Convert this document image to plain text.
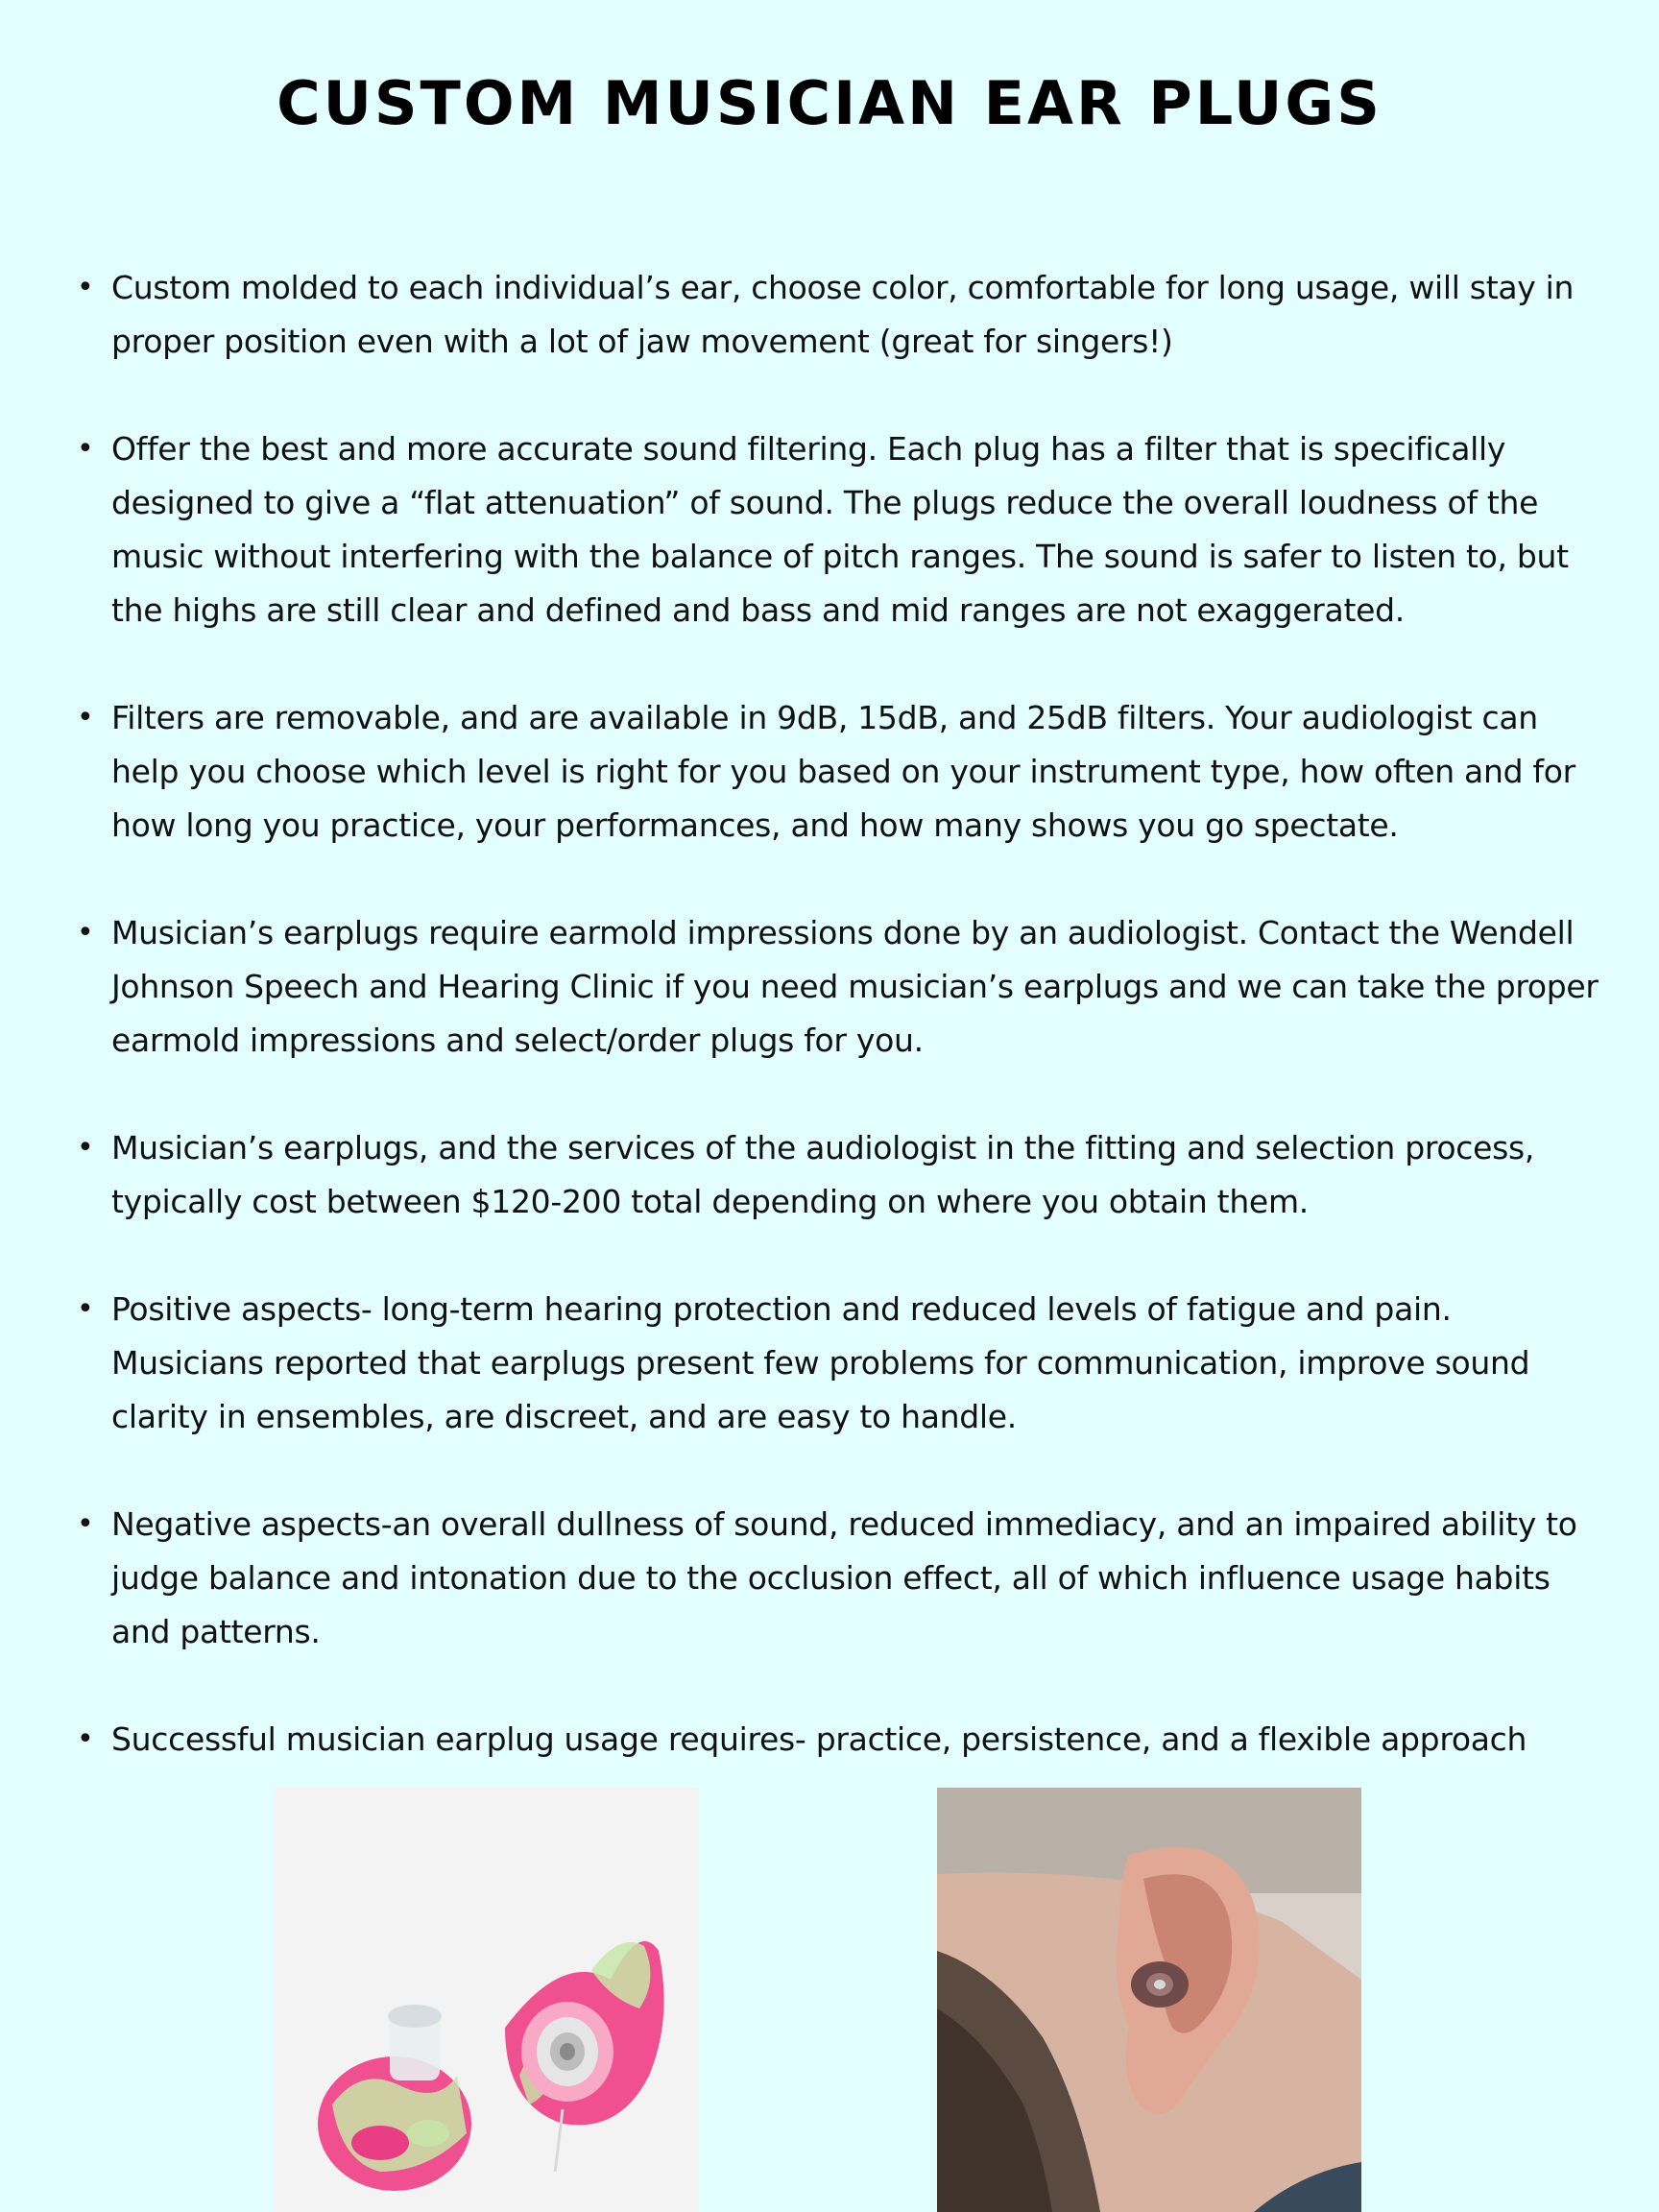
CUSTOM MUSICIAN EAR PLUGS
• Custom molded to each individual’s ear, choose color, comfortable for long usage, will stay in proper position even with a lot of jaw movement (great for singers!)
• Offer the best and more accurate sound filtering. Each plug has a filter that is specifically designed to give a “flat attenuation” of sound. The plugs reduce the overall loudness of the music without interfering with the balance of pitch ranges. The sound is safer to listen to, but the highs are still clear and defined and bass and mid ranges are not exaggerated.
• Filters are removable, and are available in 9dB, 15dB, and 25dB filters. Your audiologist can help you choose which level is right for you based on your instrument type, how often and for how long you practice, your performances, and how many shows you go spectate.
• Musician’s earplugs require earmold impressions done by an audiologist. Contact the Wendell Johnson Speech and Hearing Clinic if you need musician’s earplugs and we can take the proper earmold impressions and select/order plugs for you.
• Musician’s earplugs, and the services of the audiologist in the fitting and selection process, typically cost between $120-200 total depending on where you obtain them.
• Positive aspects- long-term hearing protection and reduced levels of fatigue and pain. Musicians reported that earplugs present few problems for communication, improve sound clarity in ensembles, are discreet, and are easy to handle.
• Negative aspects-an overall dullness of sound, reduced immediacy, and an impaired ability to judge balance and intonation due to the occlusion effect, all of which influence usage habits and patterns.
• Successful musician earplug usage requires- practice, persistence, and a flexible approach
